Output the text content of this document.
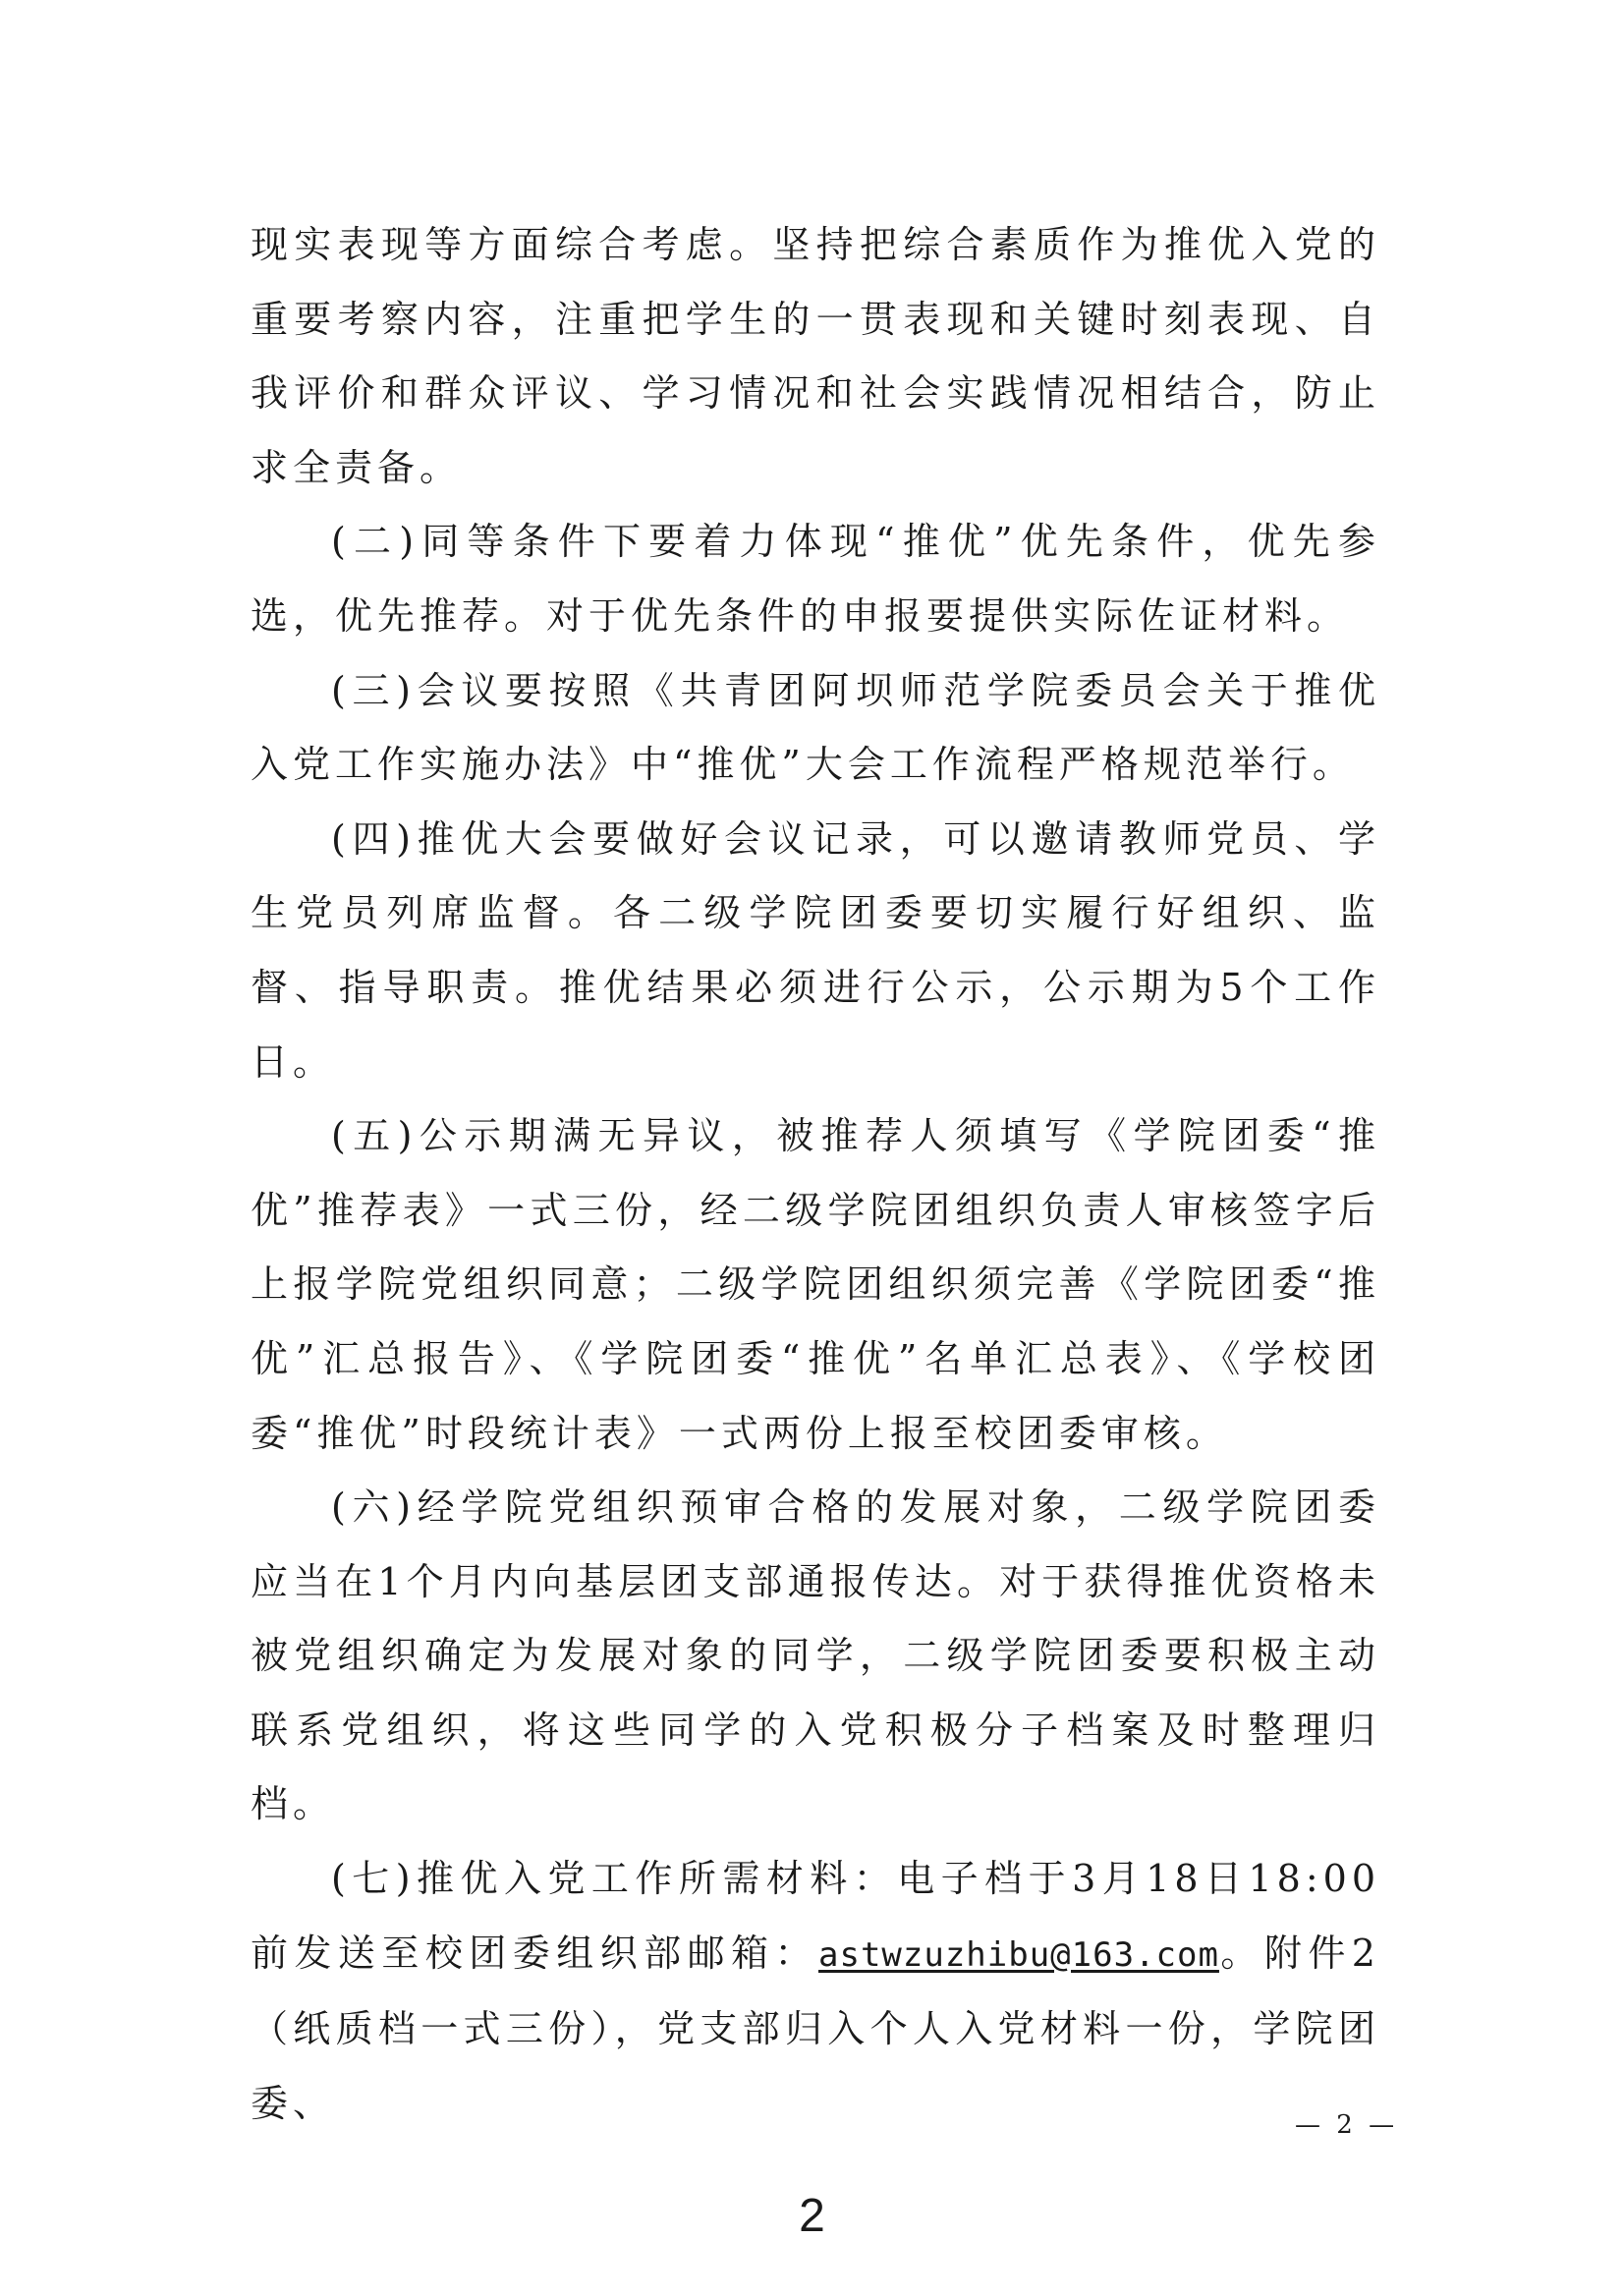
现实表现等方面综合考虑。坚持把综合素质作为推优入党的重要考察内容，注重把学生的一贯表现和关键时刻表现、自我评价和群众评议、学习情况和社会实践情况相结合，防止求全责备。

(二)同等条件下要着力体现“推优”优先条件，优先参选，优先推荐。对于优先条件的申报要提供实际佐证材料。

(三)会议要按照《共青团阿坝师范学院委员会关于推优入党工作实施办法》中“推优”大会工作流程严格规范举行。

(四)推优大会要做好会议记录，可以邀请教师党员、学生党员列席监督。各二级学院团委要切实履行好组织、监督、指导职责。推优结果必须进行公示，公示期为5个工作日。

(五)公示期满无异议，被推荐人须填写《学院团委“推优”推荐表》一式三份，经二级学院团组织负责人审核签字后上报学院党组织同意；二级学院团组织须完善《学院团委“推优”汇总报告》、《学院团委“推优”名单汇总表》、《学校团委“推优”时段统计表》一式两份上报至校团委审核。

(六)经学院党组织预审合格的发展对象，二级学院团委应当在1个月内向基层团支部通报传达。对于获得推优资格未被党组织确定为发展对象的同学，二级学院团委要积极主动联系党组织，将这些同学的入党积极分子档案及时整理归档。

(七)推优入党工作所需材料：电子档于3月18日18:00前发送至校团委组织部邮箱：astwzuzhibu@163.com。附件2（纸质档一式三份），党支部归入个人入党材料一份，学院团委、

— 2 —
2
